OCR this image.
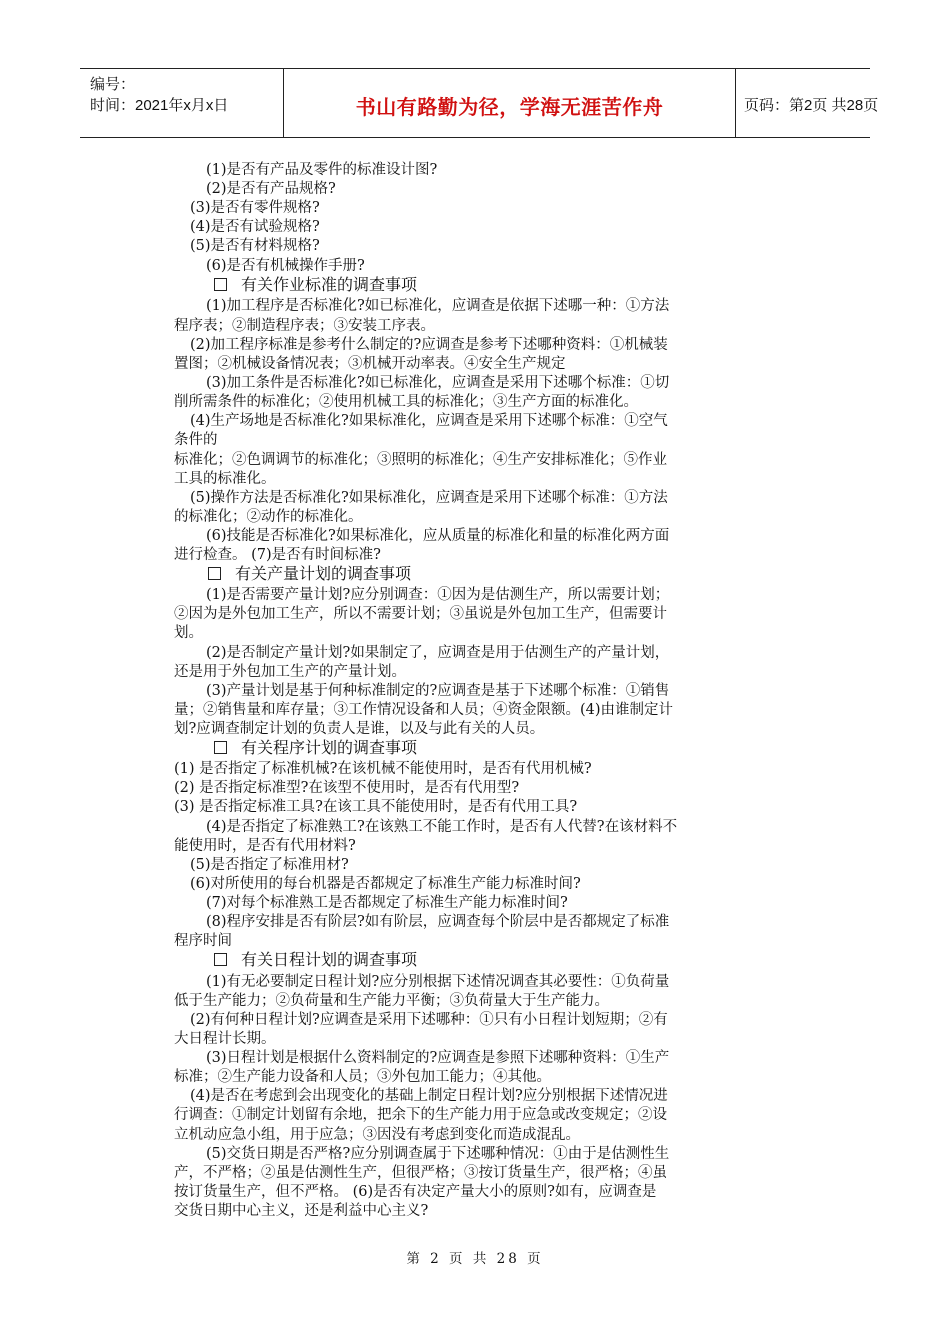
编号：
时间：2021年x月x日	书山有路勤为径，学海无涯苦作舟	页码：第2页 共28页
(1)是否有产品及零件的标准设计图?
(2)是否有产品规格?
(3)是否有零件规格?
(4)是否有试验规格?
(5)是否有材料规格?
(6)是否有机械操作手册?
有关作业标准的调查事项
(1)加工程序是否标准化?如已标准化，应调查是依据下述哪一种：①方法
程序表；②制造程序表；③安装工序表。
(2)加工程序标准是参考什么制定的?应调查是参考下述哪种资料：①机械装
置图；②机械设备情况表；③机械开动率表。④安全生产规定
(3)加工条件是否标准化?如已标准化，应调查是采用下述哪个标准：①切
削所需条件的标准化；②使用机械工具的标准化；③生产方面的标准化。
(4)生产场地是否标准化?如果标准化，应调查是采用下述哪个标准：①空气
条件的
标准化；②色调调节的标准化；③照明的标准化；④生产安排标准化；⑤作业
工具的标准化。
(5)操作方法是否标准化?如果标准化，应调查是采用下述哪个标准：①方法
的标准化；②动作的标准化。
(6)技能是否标准化?如果标准化，应从质量的标准化和量的标准化两方面
进行检查。 (7)是否有时间标准?
有关产量计划的调查事项
(1)是否需要产量计划?应分别调查：①因为是估测生产，所以需要计划；
②因为是外包加工生产，所以不需要计划；③虽说是外包加工生产，但需要计
划。
(2)是否制定产量计划?如果制定了，应调查是用于估测生产的产量计划，
还是用于外包加工生产的产量计划。
(3)产量计划是基于何种标准制定的?应调查是基于下述哪个标准：①销售
量；②销售量和库存量；③工作情况设备和人员；④资金限额。(4)由谁制定计
划?应调查制定计划的负责人是谁，以及与此有关的人员。
有关程序计划的调查事项
(1) 是否指定了标准机械?在该机械不能使用时，是否有代用机械?
(2) 是否指定标准型?在该型不使用时，是否有代用型?
(3) 是否指定标准工具?在该工具不能使用时，是否有代用工具?
(4)是否指定了标准熟工?在该熟工不能工作时，是否有人代替?在该材料不
能使用时，是否有代用材料?
(5)是否指定了标准用材?
(6)对所使用的每台机器是否都规定了标准生产能力标准时间?
(7)对每个标准熟工是否都规定了标准生产能力标准时间?
(8)程序安排是否有阶层?如有阶层，应调查每个阶层中是否都规定了标准
程序时间
有关日程计划的调查事项
(1)有无必要制定日程计划?应分别根据下述情况调查其必要性：①负荷量
低于生产能力；②负荷量和生产能力平衡；③负荷量大于生产能力。
(2)有何种日程计划?应调查是采用下述哪种：①只有小日程计划短期；②有
大日程计长期。
(3)日程计划是根据什么资料制定的?应调查是参照下述哪种资料：①生产
标准；②生产能力设备和人员；③外包加工能力；④其他。
(4)是否在考虑到会出现变化的基础上制定日程计划?应分别根据下述情况进
行调查：①制定计划留有余地，把余下的生产能力用于应急或改变规定；②设
立机动应急小组，用于应急；③因没有考虑到变化而造成混乱。
(5)交货日期是否严格?应分别调查属于下述哪种情况：①由于是估测性生
产，不严格；②虽是估测性生产，但很严格；③按订货量生产，很严格；④虽
按订货量生产，但不严格。 (6)是否有决定产量大小的原则?如有，应调查是
交货日期中心主义，还是利益中心主义?
第 2 页 共 28 页
